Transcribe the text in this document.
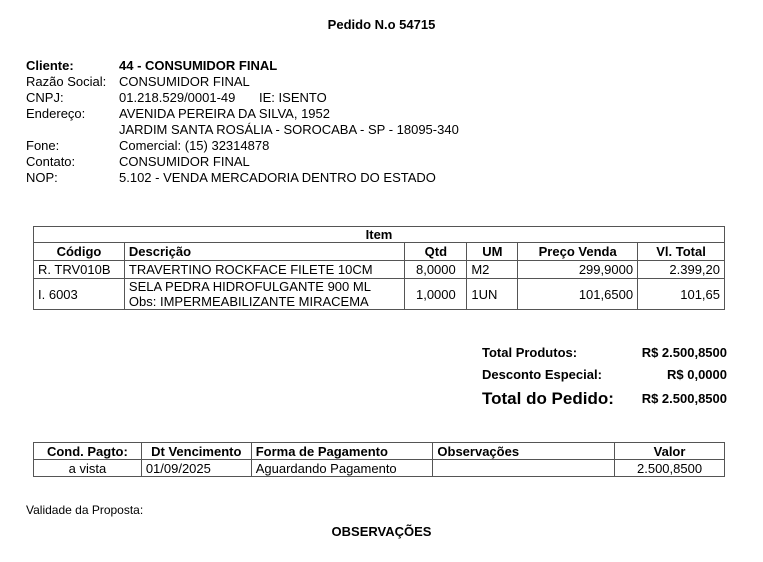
Pedido N.o 54715
Cliente:	44 - CONSUMIDOR FINAL
Razão Social: CONSUMIDOR FINAL
CNPJ:	01.218.529/0001-49 IE: ISENTO
Endereço:	AVENIDA PEREIRA DA SILVA, 1952
JARDIM SANTA ROSÁLIA - SOROCABA - SP - 18095-340
Fone:	Comercial: (15) 32314878
Contato:	CONSUMIDOR FINAL
NOP:	5.102 - VENDA MERCADORIA DENTRO DO ESTADO
Item					
Código	Descrição	Qtd	UM	Preço Venda	Vl. Total
R. TRV010B	TRAVERTINO ROCKFACE FILETE 10CM	8,0000	M2	299,9000	2.399,20
I. 6003	SELA PEDRA HIDROFULGANTE 900 ML
Obs: IMPERMEABILIZANTE MIRACEMA	1,0000	1UN	101,6500	101,65
Total Produtos:	R$ 2.500,8500
Desconto Especial:	R$ 0,0000
Total do Pedido: R$ 2.500,8500
Cond. Pagto:	Dt Vencimento	Forma de Pagamento	Observações	Valor
a vista	01/09/2025	Aguardando Pagamento		2.500,8500
Validade da Proposta:
OBSERVAÇÕES
